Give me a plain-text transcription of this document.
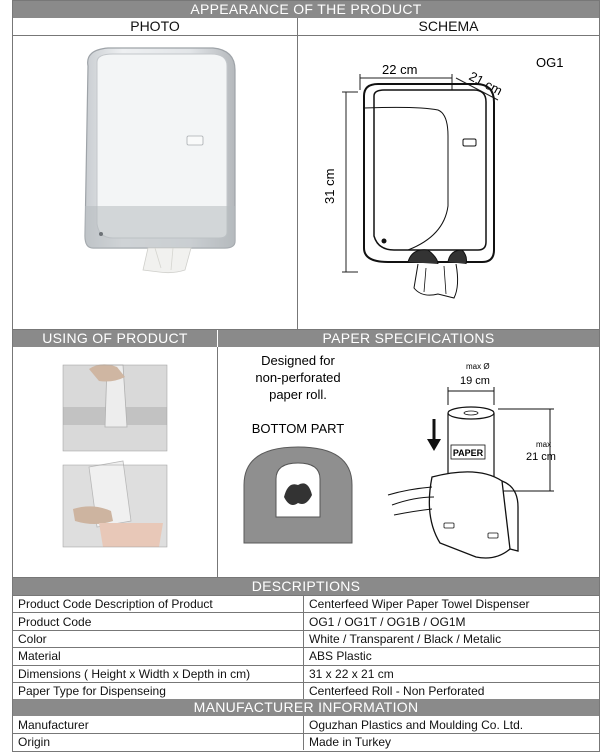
APPEARANCE OF THE PRODUCT
PHOTO	SCHEMA
OG1
22 cm	21 cm
31 cm
USING OF PRODUCT	PAPER SPECIFICATIONS
Designed for
non-perforated
paper roll.
BOTTOM PART
max Ø
19 cm
PAPER
max
21 cm
DESCRIPTIONS
Product Code Description of Product	Centerfeed Wiper Paper Towel Dispenser
Product Code	OG1 / OG1T / OG1B / OG1M
Color	White / Transparent / Black / Metalic
Material	ABS Plastic
Dimensions ( Height x Width x Depth in cm)	31 x 22 x 21 cm
Paper Type for Dispenseing	Centerfeed Roll - Non Perforated
MANUFACTURER INFORMATION
Manufacturer	Oguzhan Plastics and Moulding Co. Ltd.
Origin	Made in Turkey
